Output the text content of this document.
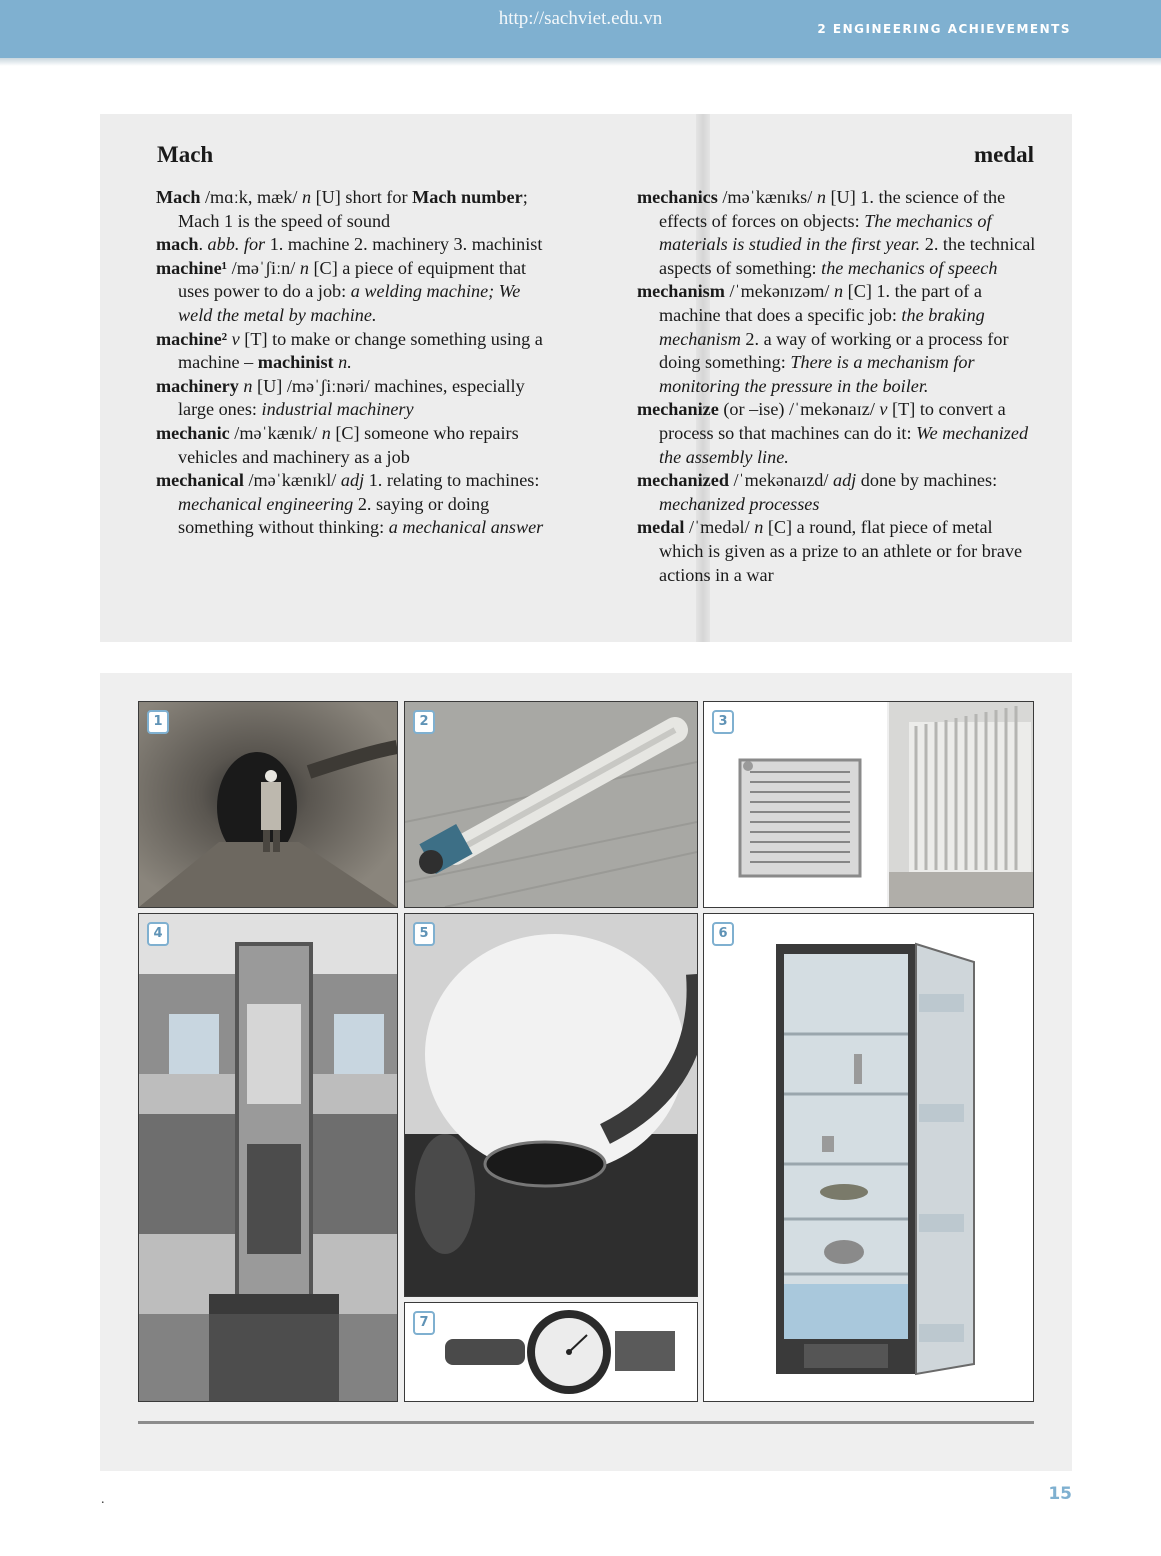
http://sachviet.edu.vn	2 ENGINEERING ACHIEVEMENTS
Mach	medal

Mach /mɑːk, mæk/ n [U] short for Mach number; Mach 1 is the speed of sound

mach. abb. for 1. machine 2. machinery 3. machinist

machine¹ /məˈʃiːn/ n [C] a piece of equipment that uses power to do a job: a welding machine; We weld the metal by machine.

machine² v [T] to make or change something using a machine – machinist n.

machinery n [U] /məˈʃiːnəri/ machines, especially large ones: industrial machinery

mechanic /məˈkænɪk/ n [C] someone who repairs vehicles and machinery as a job

mechanical /məˈkænɪkl/ adj 1. relating to machines: mechanical engineering 2. saying or doing something without thinking: a mechanical answer

mechanics /məˈkænɪks/ n [U] 1. the science of the effects of forces on objects: The mechanics of materials is studied in the first year. 2. the technical aspects of something: the mechanics of speech

mechanism /ˈmekənɪzəm/ n [C] 1. the part of a machine that does a specific job: the braking mechanism 2. a way of working or a process for doing something: There is a mechanism for monitoring the pressure in the boiler.

mechanize (or –ise) /ˈmekənaɪz/ v [T] to convert a process so that machines can do it: We mechanized the assembly line.

mechanized /ˈmekənaɪzd/ adj done by machines: mechanized processes

medal /ˈmedəl/ n [C] a round, flat piece of metal which is given as a prize to an athlete or for brave actions in a war

1	2	3
4	5
7
6
.	15
